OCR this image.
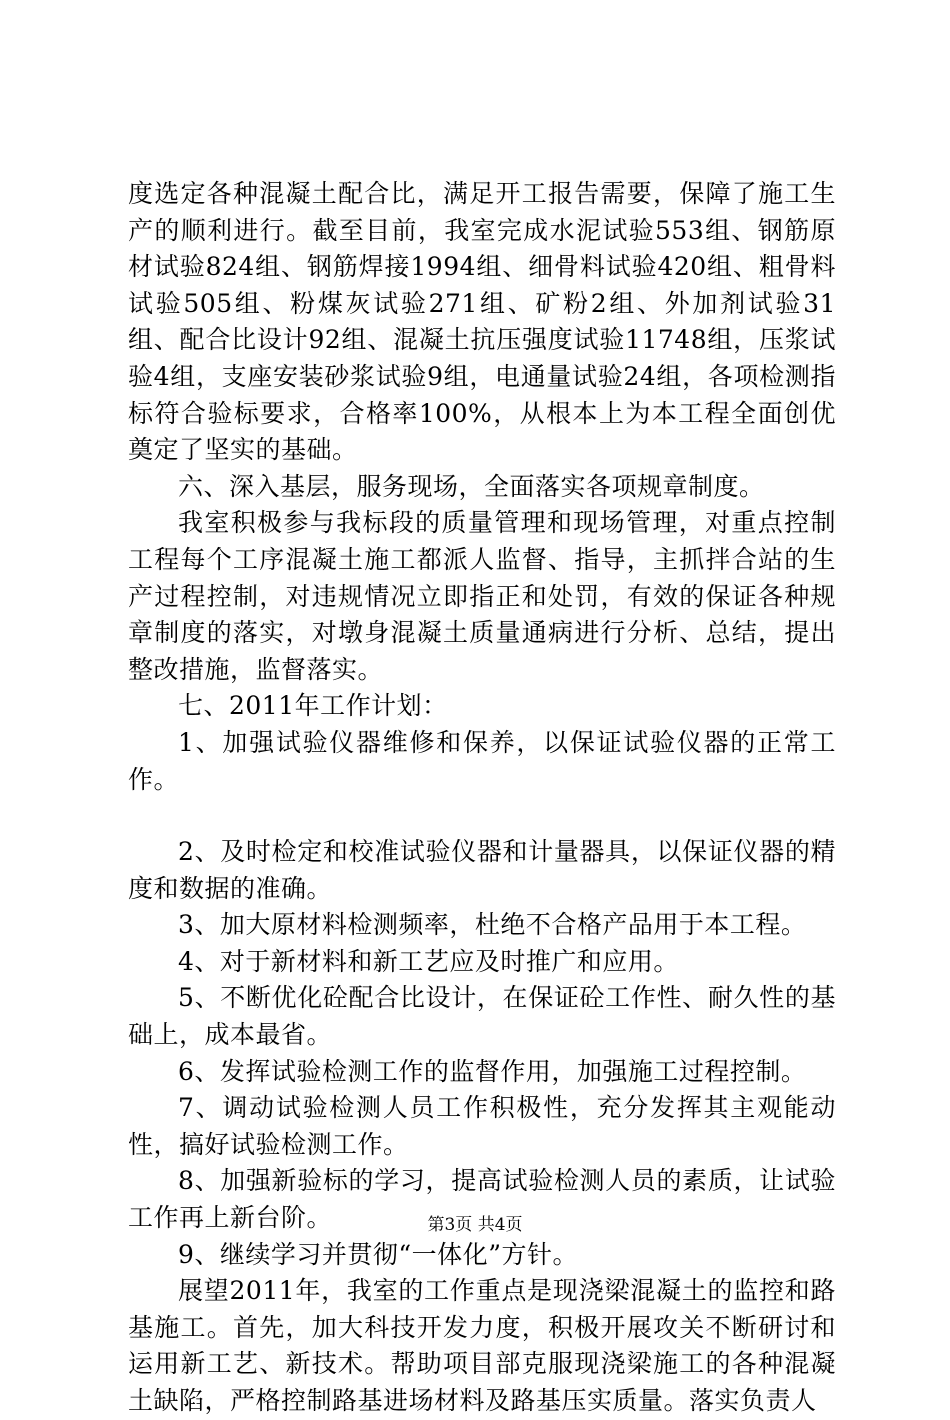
度选定各种混凝土配合比，满足开工报告需要，保障了施工生产的顺利进行。截至目前，我室完成水泥试验553组、钢筋原材试验824组、钢筋焊接1994组、细骨料试验420组、粗骨料试验505组、粉煤灰试验271组、矿粉2组、外加剂试验31组、配合比设计92组、混凝土抗压强度试验11748组，压浆试验4组，支座安装砂浆试验9组，电通量试验24组，各项检测指标符合验标要求，合格率100%，从根本上为本工程全面创优奠定了坚实的基础。

六、深入基层，服务现场，全面落实各项规章制度。

我室积极参与我标段的质量管理和现场管理，对重点控制工程每个工序混凝土施工都派人监督、指导，主抓拌合站的生产过程控制，对违规情况立即指正和处罚，有效的保证各种规章制度的落实，对墩身混凝土质量通病进行分析、总结，提出整改措施，监督落实。

七、2011年工作计划：

1、加强试验仪器维修和保养，以保证试验仪器的正常工作。

2、及时检定和校准试验仪器和计量器具，以保证仪器的精度和数据的准确。

3、加大原材料检测频率，杜绝不合格产品用于本工程。

4、对于新材料和新工艺应及时推广和应用。

5、不断优化砼配合比设计，在保证砼工作性、耐久性的基础上，成本最省。

6、发挥试验检测工作的监督作用，加强施工过程控制。

7、调动试验检测人员工作积极性，充分发挥其主观能动性，搞好试验检测工作。

8、加强新验标的学习，提高试验检测人员的素质，让试验工作再上新台阶。

9、继续学习并贯彻“一体化”方针。

展望2011年，我室的工作重点是现浇梁混凝土的监控和路基施工。首先，加大科技开发力度，积极开展攻关不断研讨和运用新工艺、新技术。帮助项目部克服现浇梁施工的各种混凝土缺陷，严格控制路基进场材料及路基压实质量。落实负责人

第3页 共4页
